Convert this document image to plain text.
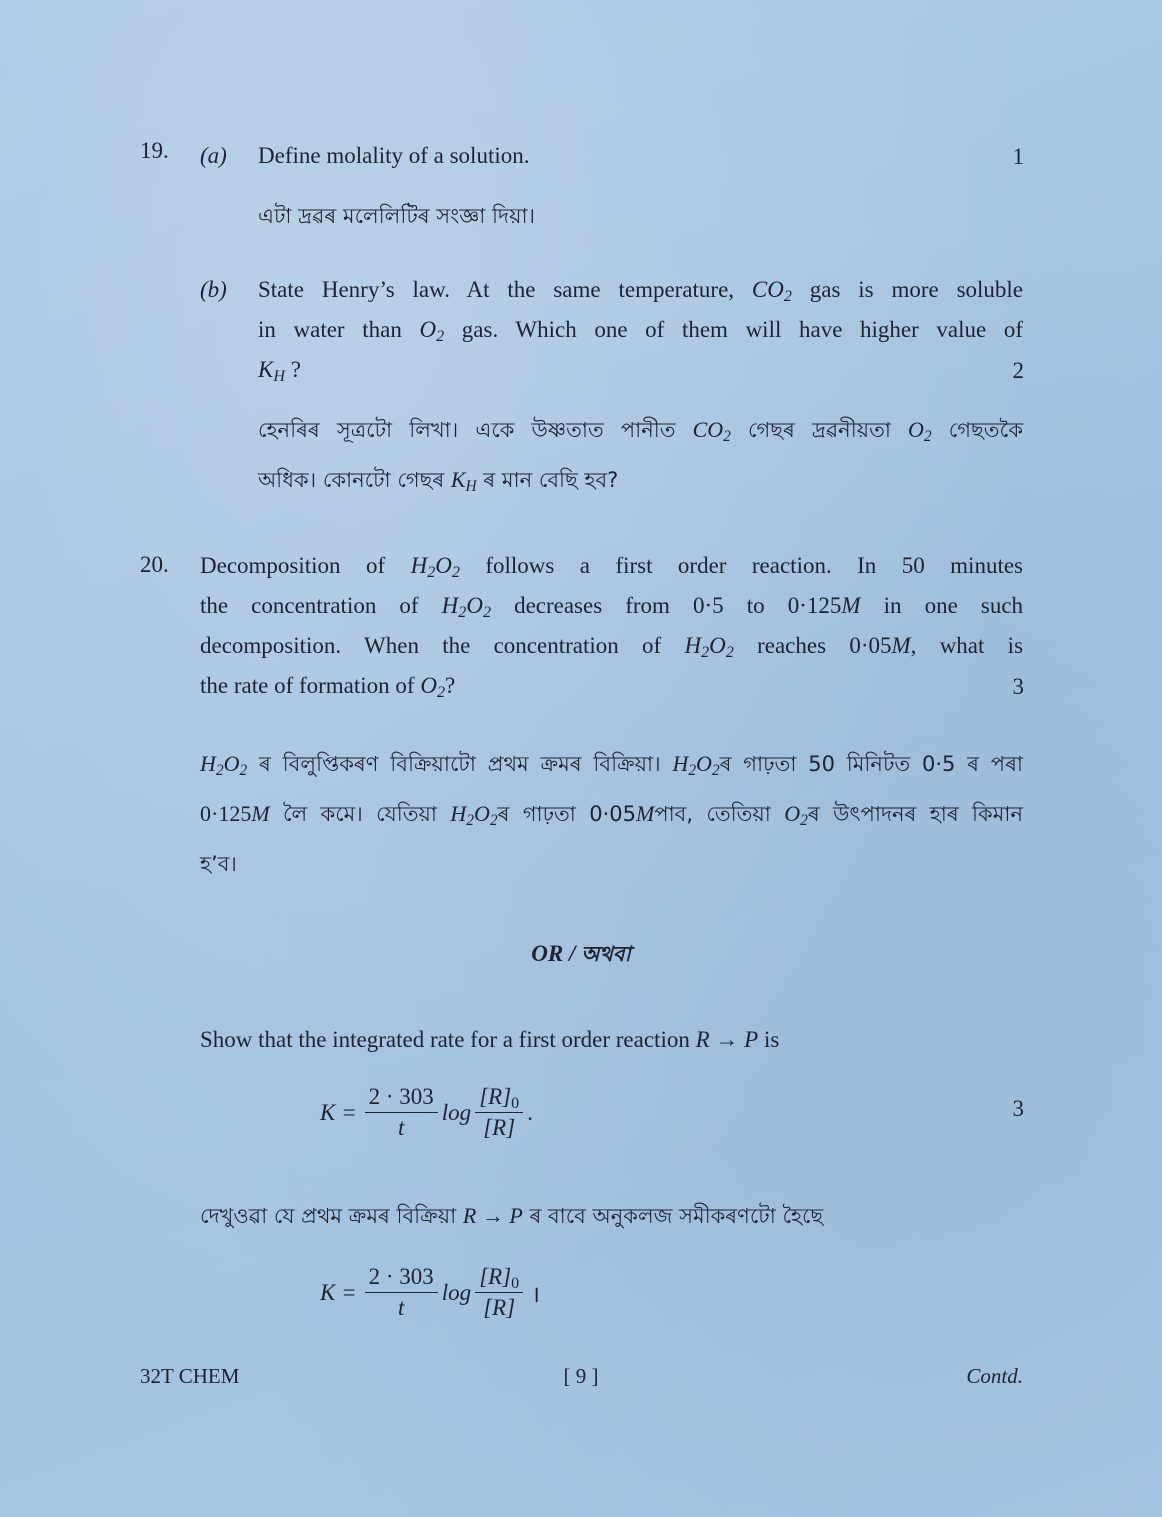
19. (a) Define molality of a solution.	1
এটা দ্ৰৱৰ মলেলিটিৰ সংজ্ঞা দিয়া।
(b) State Henry’s law. At the same temperature, $CO_2$ gas is more soluble
in water than $O_2$ gas. Which one of them will have higher value of
$K_H$ ?	2
হেনৰিৰ সূত্ৰটো লিখা। একে উষ্ণতাত পানীত $CO_2$ গেছৰ দ্ৰৱনীয়তা $O_2$ গেছতকৈ
অধিক। কোনটো গেছৰ $K_H$ ৰ মান বেছি হব?
20. Decomposition of $H_2O_2$ follows a first order reaction. In 50 minutes
the concentration of $H_2O_2$ decreases from 0·5 to 0·125M in one such
decomposition. When the concentration of $H_2O_2$ reaches 0·05M, what is
the rate of formation of $O_2$?	3
$H_2O_2$ ৰ বিলুপ্তিকৰণ বিক্ৰিয়াটো প্ৰথম ক্ৰমৰ বিক্ৰিয়া। $H_2O_2ৰ$ গাঢ়তা 50 মিনিটত 0·5 ৰ পৰা
0·125M লৈ কমে। যেতিয়া $H_2O_2ৰ$ গাঢ়তা 0·05Mপাব, তেতিয়া $O_2ৰ$ উৎপাদনৰ হাৰ কিমান
হ’ব।
OR / অথবা
Show that the integrated rate for a first order reaction R → P is
$K = \frac{2 \cdot 303}{t}$ $\log \frac{[R]_0}{[R]}$ .	3
দেখুওৱা যে প্ৰথম ক্ৰমৰ বিক্ৰিয়া R → P ৰ বাবে অনুকলজ সমীকৰণটো হৈছে
$K = \frac{2 \cdot 303}{t}$ $\log \frac{[R]_0}{[R]}$ ।
32T CHEM	[ 9 ]	Contd.
